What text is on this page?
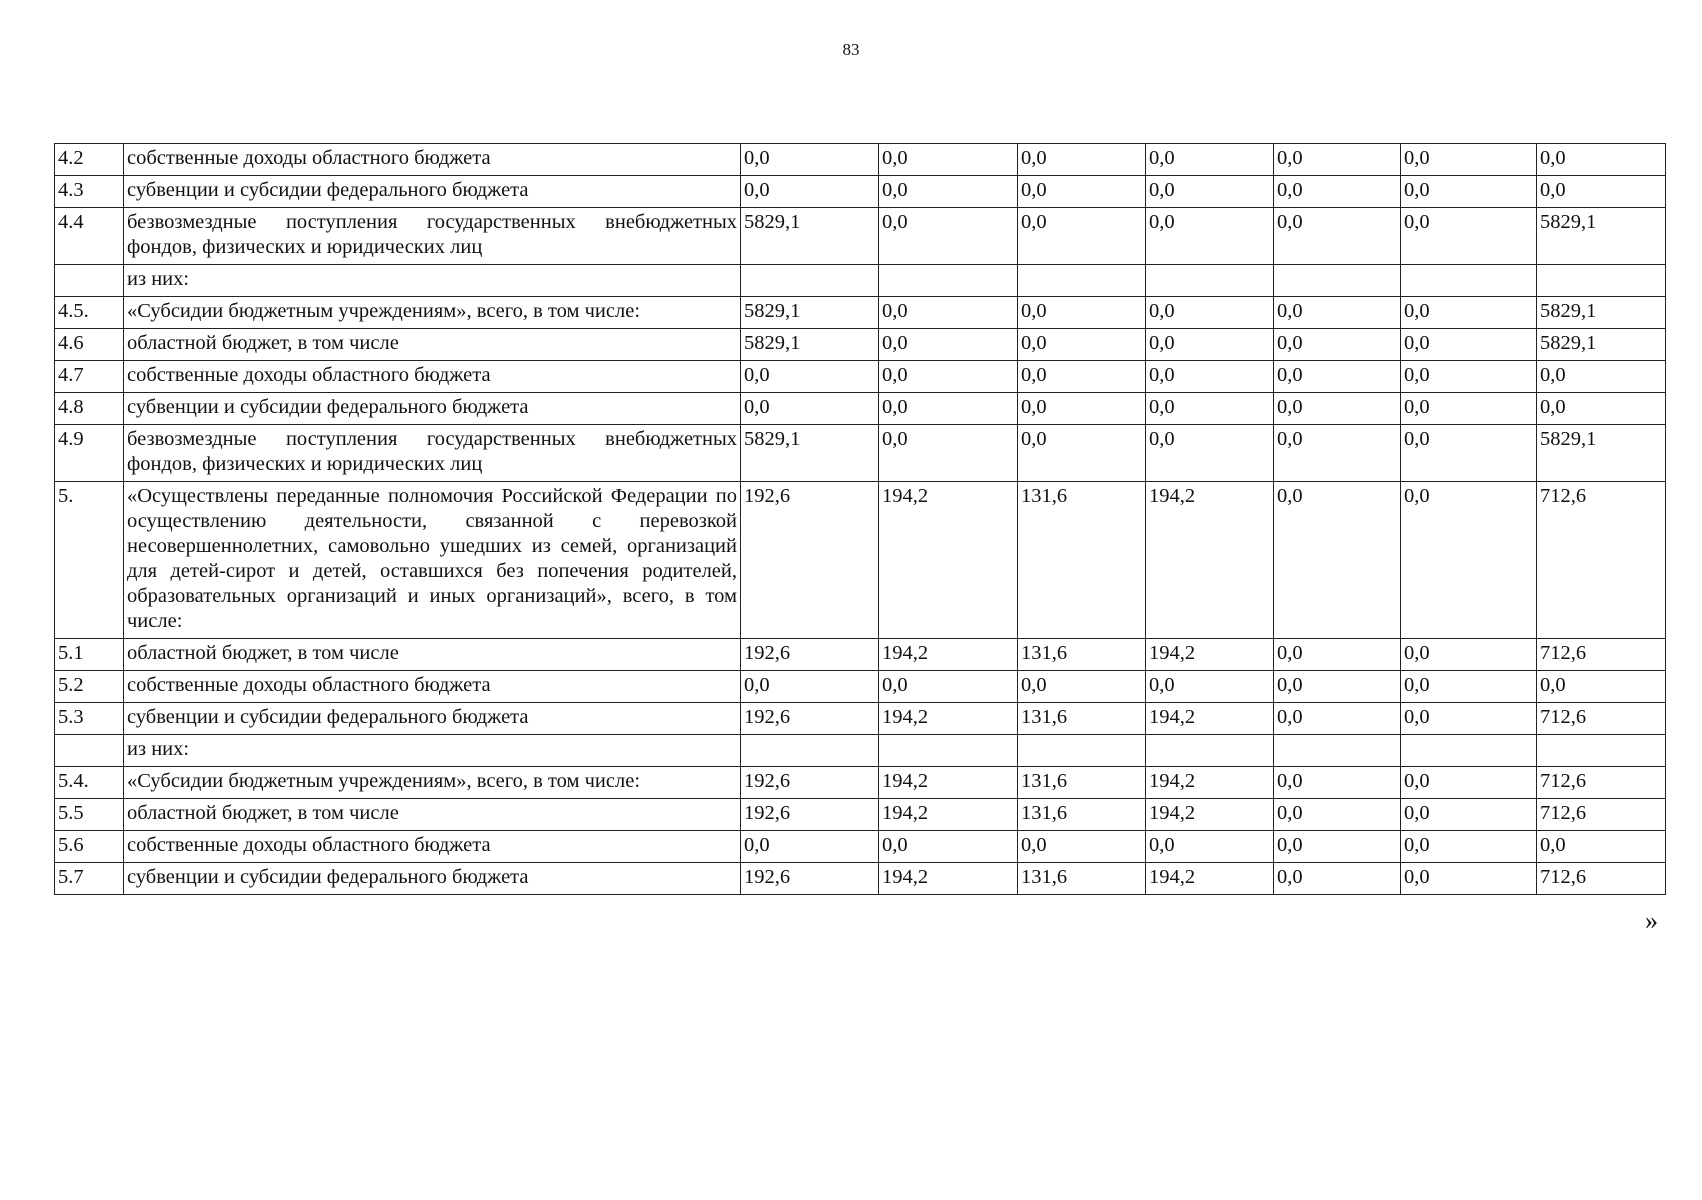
83
4.2	собственные доходы областного бюджета	0,0	0,0	0,0	0,0	0,0	0,0	0,0
4.3	субвенции и субсидии федерального бюджета	0,0	0,0	0,0	0,0	0,0	0,0	0,0
4.4	безвозмездные поступления государственных внебюджетных фондов, физических и юридических лиц	5829,1	0,0	0,0	0,0	0,0	0,0	5829,1
	из них:							
4.5.	«Субсидии бюджетным учреждениям», всего, в том числе:	5829,1	0,0	0,0	0,0	0,0	0,0	5829,1
4.6	областной бюджет, в том числе	5829,1	0,0	0,0	0,0	0,0	0,0	5829,1
4.7	собственные доходы областного бюджета	0,0	0,0	0,0	0,0	0,0	0,0	0,0
4.8	субвенции и субсидии федерального бюджета	0,0	0,0	0,0	0,0	0,0	0,0	0,0
4.9	безвозмездные поступления государственных внебюджетных фондов, физических и юридических лиц	5829,1	0,0	0,0	0,0	0,0	0,0	5829,1
5.	«Осуществлены переданные полномочия Российской Федерации по осуществлению деятельности, связанной с перевозкой несовершеннолетних, самовольно ушедших из семей, организаций для детей-сирот и детей, оставшихся без попечения родителей, образовательных организаций и иных организаций», всего, в том числе:	192,6	194,2	131,6	194,2	0,0	0,0	712,6
5.1	областной бюджет, в том числе	192,6	194,2	131,6	194,2	0,0	0,0	712,6
5.2	собственные доходы областного бюджета	0,0	0,0	0,0	0,0	0,0	0,0	0,0
5.3	субвенции и субсидии федерального бюджета	192,6	194,2	131,6	194,2	0,0	0,0	712,6
	из них:							
5.4.	«Субсидии бюджетным учреждениям», всего, в том числе:	192,6	194,2	131,6	194,2	0,0	0,0	712,6
5.5	областной бюджет, в том числе	192,6	194,2	131,6	194,2	0,0	0,0	712,6
5.6	собственные доходы областного бюджета	0,0	0,0	0,0	0,0	0,0	0,0	0,0
5.7	субвенции и субсидии федерального бюджета	192,6	194,2	131,6	194,2	0,0	0,0	712,6
»
